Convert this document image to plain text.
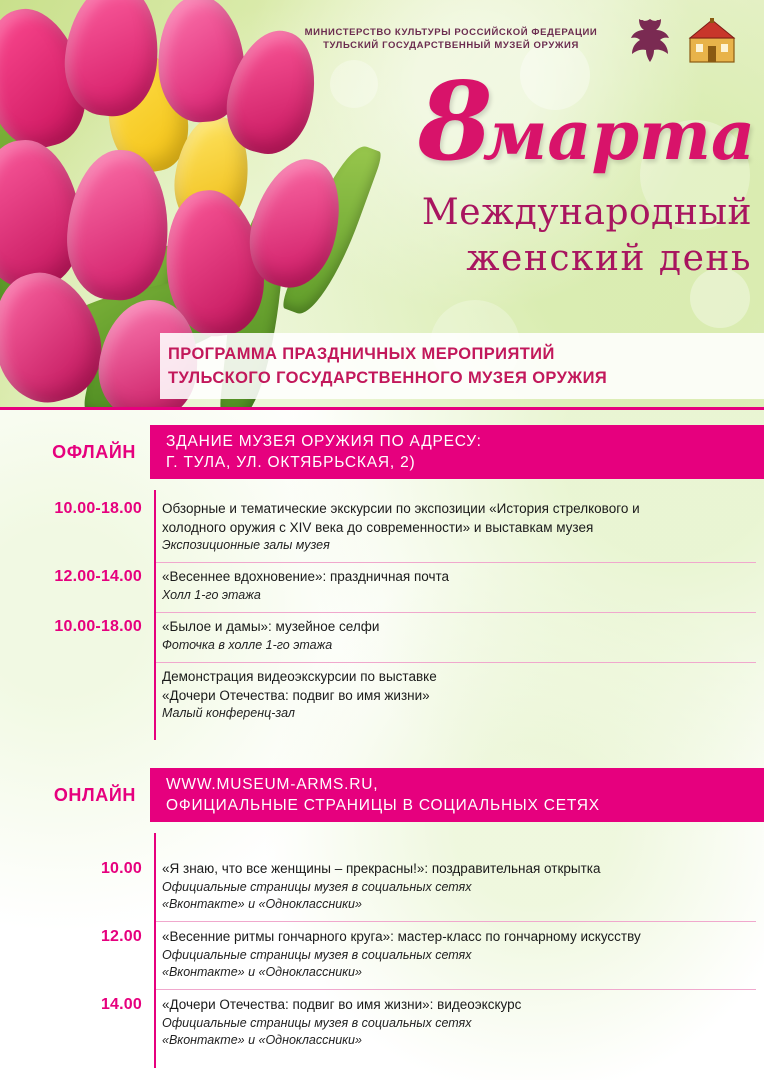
МИНИСТЕРСТВО КУЛЬТУРЫ РОССИЙСКОЙ ФЕДЕРАЦИИ
ТУЛЬСКИЙ ГОСУДАРСТВЕННЫЙ МУЗЕЙ ОРУЖИЯ
8марта
Международный
женский день
ПРОГРАММА ПРАЗДНИЧНЫХ МЕРОПРИЯТИЙ
ТУЛЬСКОГО ГОСУДАРСТВЕННОГО МУЗЕЯ ОРУЖИЯ
ОФЛАЙН	ЗДАНИЕ МУЗЕЯ ОРУЖИЯ ПО АДРЕСУ:
Г. ТУЛА, УЛ. ОКТЯБРЬСКАЯ, 2)
10.00-18.00 Обзорные и тематические экскурсии по экспозиции «История стрелкового и
холодного оружия с XIV века до современности» и выставкам музея
Экспозиционные залы музея
12.00-14.00 «Весеннее вдохновение»: праздничная почта
Холл 1-го этажа
10.00-18.00 «Былое и дамы»: музейное селфи
Фоточка в холле 1-го этажа
Демонстрация видеоэкскурсии по выставке
«Дочери Отечества: подвиг во имя жизни»
Малый конференц-зал
ОНЛАЙН	WWW.MUSEUM-ARMS.RU,
ОФИЦИАЛЬНЫЕ СТРАНИЦЫ В СОЦИАЛЬНЫХ СЕТЯХ
10.00 «Я знаю, что все женщины – прекрасны!»: поздравительная открытка
Официальные страницы музея в социальных сетях
«Вконтакте» и «Одноклассники»
12.00 «Весенние ритмы гончарного круга»: мастер-класс по гончарному искусству
Официальные страницы музея в социальных сетях
«Вконтакте» и «Одноклассники»
14.00 «Дочери Отечества: подвиг во имя жизни»: видеоэкскурс
Официальные страницы музея в социальных сетях
«Вконтакте» и «Одноклассники»
